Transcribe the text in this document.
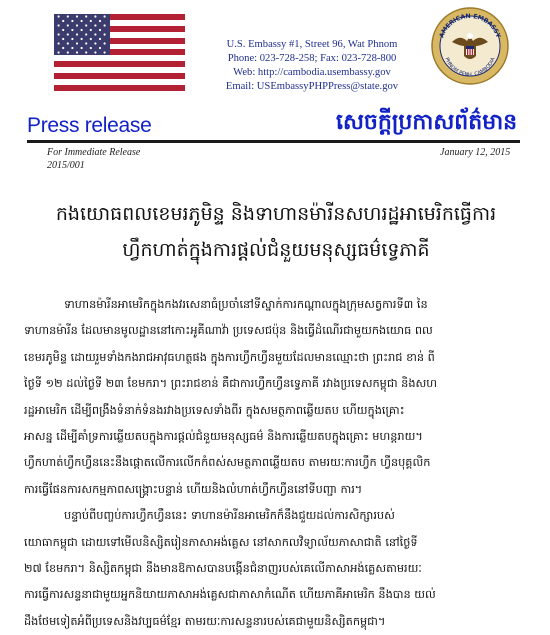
U.S. Embassy #1, Street 96, Wat Phnom
Phone: 023-728-258; Fax: 023-728-800
Web: http://cambodia.usembassy.gov
Email: USEmbassyPHPPress@state.gov
AMERICAN EMBASSY
PHNOM PENH, CAMBODIA
Press release	សេចក្តីប្រកាសព័ត៌មាន
For Immediate Release
2015/001
January 12, 2015
កងយោធពលខេមរភូមិន្ទ និងទាហានម៉ារីនសហរដ្ឋអាមេរិកធ្វើការ
ហ្វឹកហាត់ក្នុងការផ្តល់ជំនួយមនុស្សធម៌ទ្វេភាគី
ទាហានម៉ារីនអាមេរិកក្នុងកងវរសេនាធំប្រចាំនៅទីស្នាក់ការកណ្តាលក្នុងក្រុមសត្វការទី៣ នៃ
ទាហានម៉ារីន ដែលមានមូលដ្ឋាននៅកោះអូគីណាវ៉ា ប្រទេសជប៉ុន និងធ្វើដំណើរជាមួយកងយោធ ពល
ខេមរភូមិន្ទ ដោយរួមទាំងកងរាជអាវុធហត្ថផង ក្នុងការហ្វឹកហ្វឺនមួយដែលមានឈ្មោះថា ព្រះរាជ ខាន់ ពី
ថ្ងៃទី ១២ ដល់ថ្ងៃទី ២៣ ខែមករា។ ព្រះរាជខាន់ គឺជាការហ្វឹកហ្វឺនទ្វេភាគី រវាងប្រទេសកម្ពុជា និងសហ
រដ្ឋអាមេរិក ដើម្បីពង្រឹងទំនាក់ទំនងរវាងប្រទេសទាំងពីរ ក្នុងសមត្ថភាពឆ្លើយតប ហើយក្នុងគ្រោះ
អាសន្ន ដើម្បីគាំទ្រការឆ្លើយតបក្នុងការផ្តល់ជំនួយមនុស្សធម៌ និងការឆ្លើយតបក្នុងគ្រោះ មហន្តរាយ។
ហ្វឹកហាត់ហ្វឹកហ្វឺននេះនឹងផ្តោតលើការលើកកំពស់សមត្ថភាពឆ្លើយតប តាមរយៈការហ្វឹក ហ្វឺនបុគ្គលិក
ការធ្វើផែនការសកម្មភាពសង្គ្រោះបន្ទាន់ ហើយនិងលំហាត់ហ្វឹកហ្វឺននៅទីបញ្ជា ការ។
បន្ទាប់ពីបញ្ចប់ការហ្វឹកហ្វឺននេះ ទាហានម៉ារីនអាមេរិកក៏នឹងជួយដល់ការសិក្សារបស់
យោធាកម្ពុជា ដោយទៅមើលនិស្សិតរៀនភាសាអង់គ្លេស នៅសាកលវិទ្យាល័យភាសាជាតិ នៅថ្ងៃទី
២៧ ខែមករា។ និស្សិតកម្ពុជា នឹងមានឱកាសបានបង្កើនជំនាញរបស់គេលើភាសាអង់គ្លេសតាមរយៈ
ការធ្វើការសន្ទនាជាមួយអ្នកនិយាយភាសាអង់គ្លេសជាភាសាកំណើត ហើយភាគីអាមេរិក នឹងបាន យល់
ដឹងថែមទៀតអំពីប្រទេសនិងវប្បធម៌ខ្មែរ តាមរយៈការសន្ទនារបស់គេជាមួយនិស្សិតកម្ពុជា។
